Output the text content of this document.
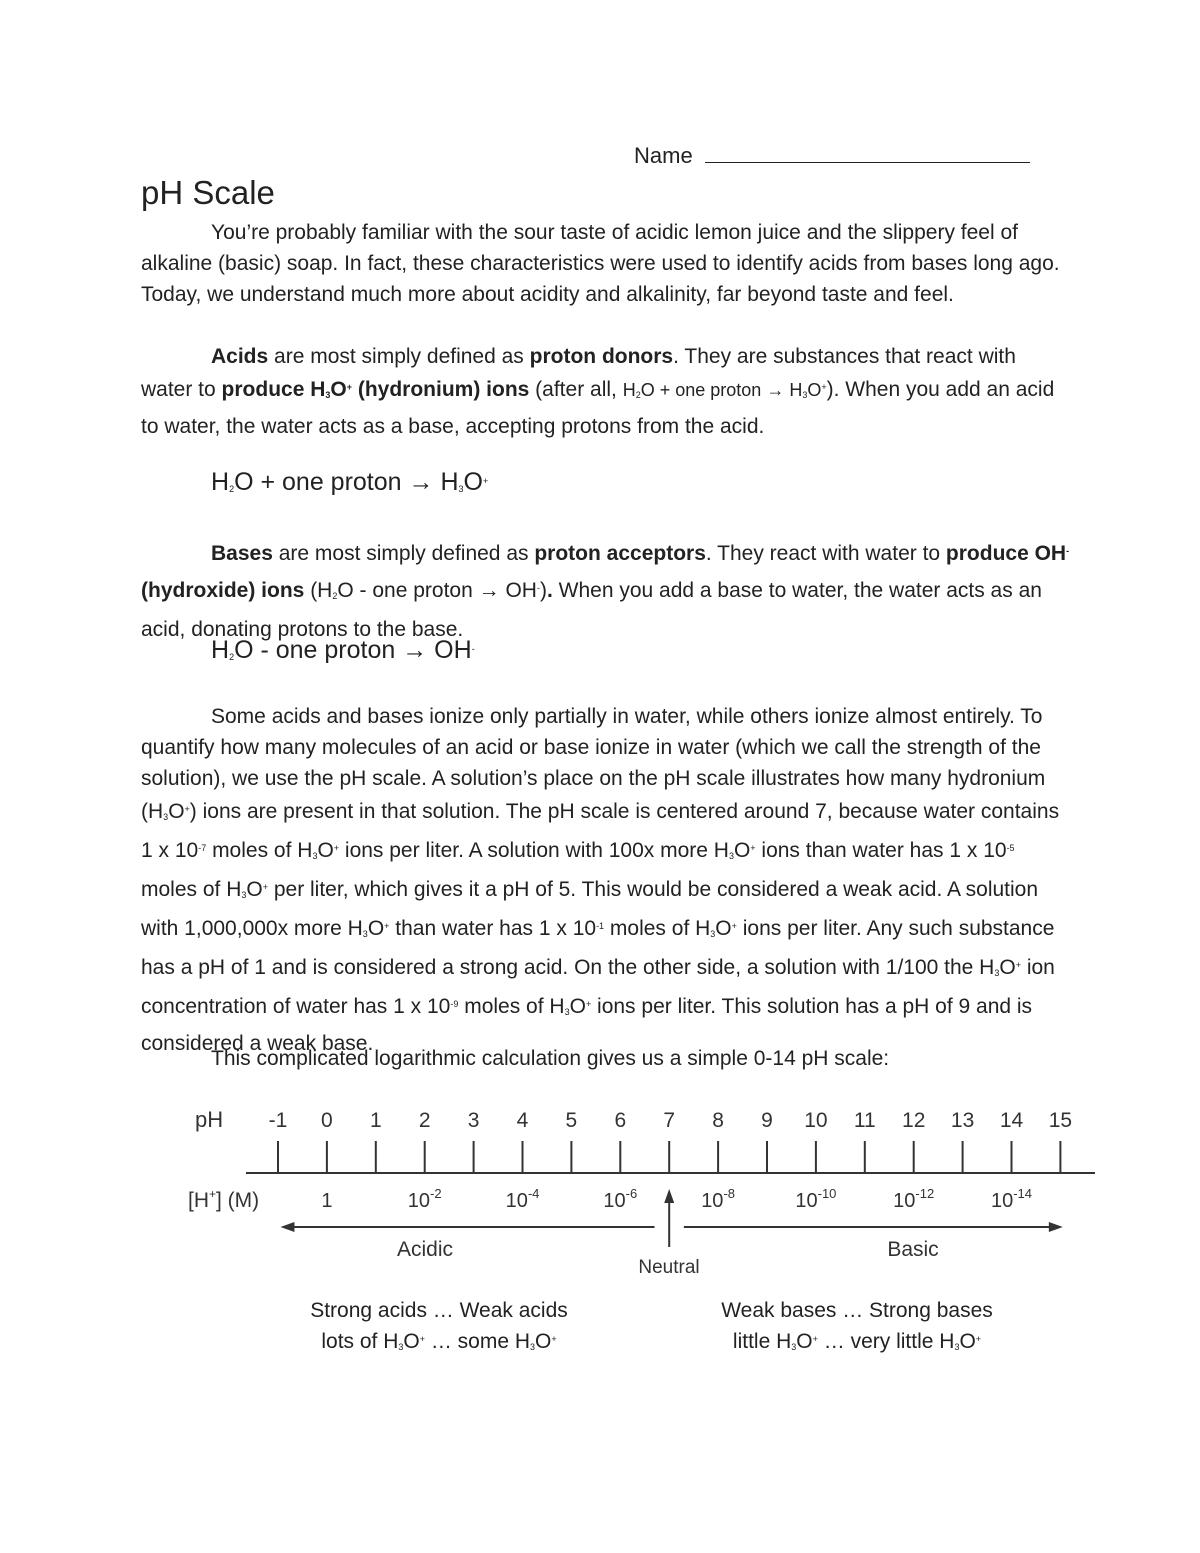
Name
pH Scale

You’re probably familiar with the sour taste of acidic lemon juice and the slippery feel of alkaline (basic) soap. In fact, these characteristics were used to identify acids from bases long ago. Today, we understand much more about acidity and alkalinity, far beyond taste and feel.

Acids are most simply defined as proton donors. They are substances that react with water to produce $H_3O^+$ (hydronium) ions (after all, $H_2O$ + one proton → $H_3O^+$). When you add an acid to water, the water acts as a base, accepting protons from the acid.

$H_2O$ + one proton → $H_3O^+$

Bases are most simply defined as proton acceptors. They react with water to produce OH- (hydroxide) ions ($H_2O$ - one proton → OH-). When you add a base to water, the water acts as an acid, donating protons to the base.

$H_2O$ - one proton → OH-

Some acids and bases ionize only partially in water, while others ionize almost entirely. To quantify how many molecules of an acid or base ionize in water (which we call the strength of the solution), we use the pH scale. A solution’s place on the pH scale illustrates how many hydronium $(H_3O^+)$ ions are present in that solution. The pH scale is centered around 7, because water contains 1 x $10^{-7}$ moles of $H_3O^+$ ions per liter. A solution with 100x more $H_3O^+$ ions than water has 1 x $10^{-5}$ moles of $H_3O^+$ per liter, which gives it a pH of 5. This would be considered a weak acid. A solution with 1,000,000x more $H_3O^+$ than water has 1 x $10^{-1}$ moles of $H_3O^+$ ions per liter. Any such substance has a pH of 1 and is considered a strong acid. On the other side, a solution with 1/100 the $H_3O^+$ ion concentration of water has 1 x $10^{-9}$ moles of $H_3O^+$ ions per liter. This solution has a pH of 9 and is considered a weak base.

This complicated logarithmic calculation gives us a simple 0-14 pH scale:

pH -1 0 1 2 3 4 5 6 7 8 9 10 11 12 13 14 15
[H+] (M)	1	$10^{-2}$	$10^{-4}$	$10^{-6}$	$10^{-8}$	$10^{-10}$	$10^{-12}$	$10^{-14}$
Acidic
Neutral
Basic
Strong acids … Weak acids
lots of $H_3O^+$ … some $H_3O^+$
Weak bases … Strong bases
little $H_3O^+$ … very little $H_3O^+$
